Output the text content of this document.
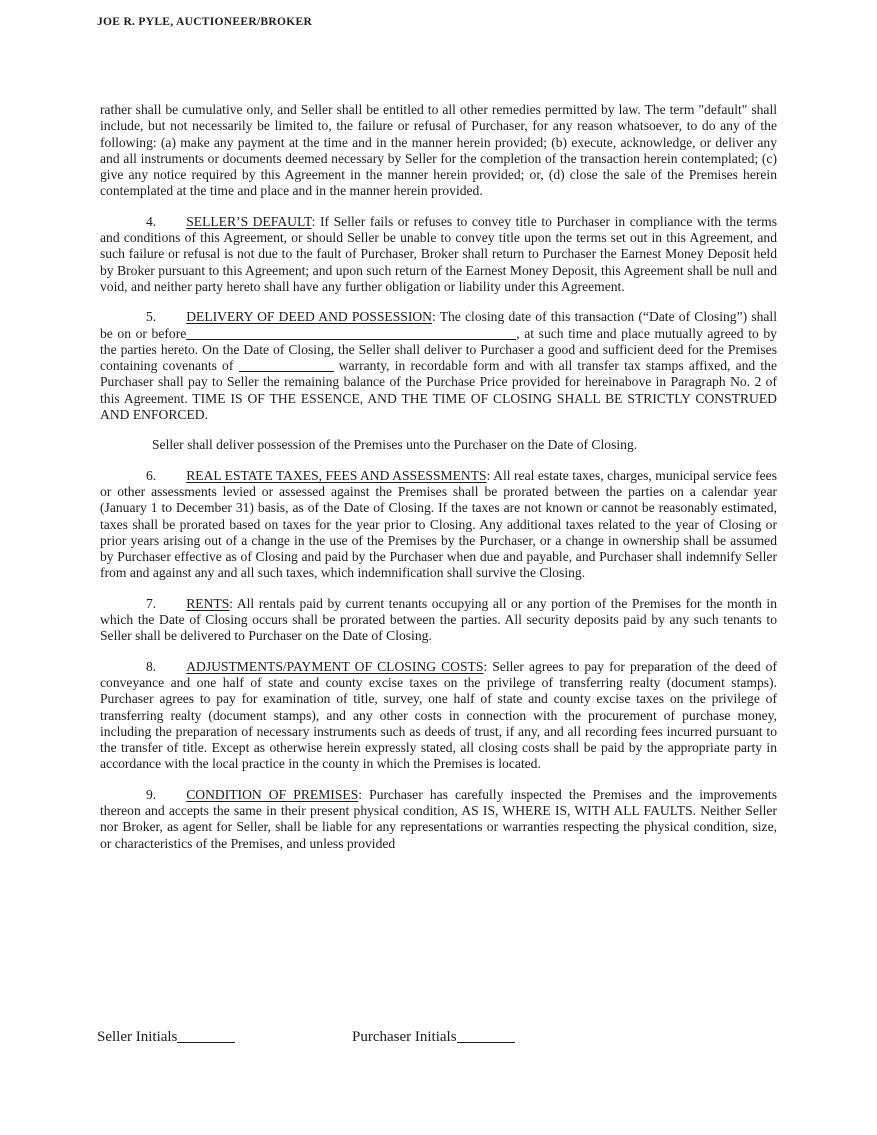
JOE R. PYLE, AUCTIONEER/BROKER

rather shall be cumulative only, and Seller shall be entitled to all other remedies permitted by law. The term "default" shall include, but not necessarily be limited to, the failure or refusal of Purchaser, for any reason whatsoever, to do any of the following: (a) make any payment at the time and in the manner herein provided; (b) execute, acknowledge, or deliver any and all instruments or documents deemed necessary by Seller for the completion of the transaction herein contemplated; (c) give any notice required by this Agreement in the manner herein provided; or, (d) close the sale of the Premises herein contemplated at the time and place and in the manner herein provided.

4. SELLER’S DEFAULT: If Seller fails or refuses to convey title to Purchaser in compliance with the terms and conditions of this Agreement, or should Seller be unable to convey title upon the terms set out in this Agreement, and such failure or refusal is not due to the fault of Purchaser, Broker shall return to Purchaser the Earnest Money Deposit held by Broker pursuant to this Agreement; and upon such return of the Earnest Money Deposit, this Agreement shall be null and void, and neither party hereto shall have any further obligation or liability under this Agreement.

5. DELIVERY OF DEED AND POSSESSION: The closing date of this transaction (“Date of Closing”) shall be on or before	, at such time and place mutually agreed to by the parties hereto. On the Date of Closing, the Seller shall deliver to Purchaser a good and sufficient deed for the Premises containing covenants of	warranty, in recordable form and with all transfer tax stamps affixed, and the Purchaser shall pay to Seller the remaining balance of the Purchase Price provided for hereinabove in Paragraph No. 2 of this Agreement. TIME IS OF THE ESSENCE, AND THE TIME OF CLOSING SHALL BE STRICTLY CONSTRUED AND ENFORCED.

Seller shall deliver possession of the Premises unto the Purchaser on the Date of Closing.

6. REAL ESTATE TAXES, FEES AND ASSESSMENTS: All real estate taxes, charges, municipal service fees or other assessments levied or assessed against the Premises shall be prorated between the parties on a calendar year (January 1 to December 31) basis, as of the Date of Closing. If the taxes are not known or cannot be reasonably estimated, taxes shall be prorated based on taxes for the year prior to Closing. Any additional taxes related to the year of Closing or prior years arising out of a change in the use of the Premises by the Purchaser, or a change in ownership shall be assumed by Purchaser effective as of Closing and paid by the Purchaser when due and payable, and Purchaser shall indemnify Seller from and against any and all such taxes, which indemnification shall survive the Closing.

7. RENTS: All rentals paid by current tenants occupying all or any portion of the Premises for the month in which the Date of Closing occurs shall be prorated between the parties. All security deposits paid by any such tenants to Seller shall be delivered to Purchaser on the Date of Closing.

8. ADJUSTMENTS/PAYMENT OF CLOSING COSTS: Seller agrees to pay for preparation of the deed of conveyance and one half of state and county excise taxes on the privilege of transferring realty (document stamps). Purchaser agrees to pay for examination of title, survey, one half of state and county excise taxes on the privilege of transferring realty (document stamps), and any other costs in connection with the procurement of purchase money, including the preparation of necessary instruments such as deeds of trust, if any, and all recording fees incurred pursuant to the transfer of title. Except as otherwise herein expressly stated, all closing costs shall be paid by the appropriate party in accordance with the local practice in the county in which the Premises is located.

9. CONDITION OF PREMISES: Purchaser has carefully inspected the Premises and the improvements thereon and accepts the same in their present physical condition, AS IS, WHERE IS, WITH ALL FAULTS. Neither Seller nor Broker, as agent for Seller, shall be liable for any representations or warranties respecting the physical condition, size, or characteristics of the Premises, and unless provided

Seller Initials	Purchaser Initials
